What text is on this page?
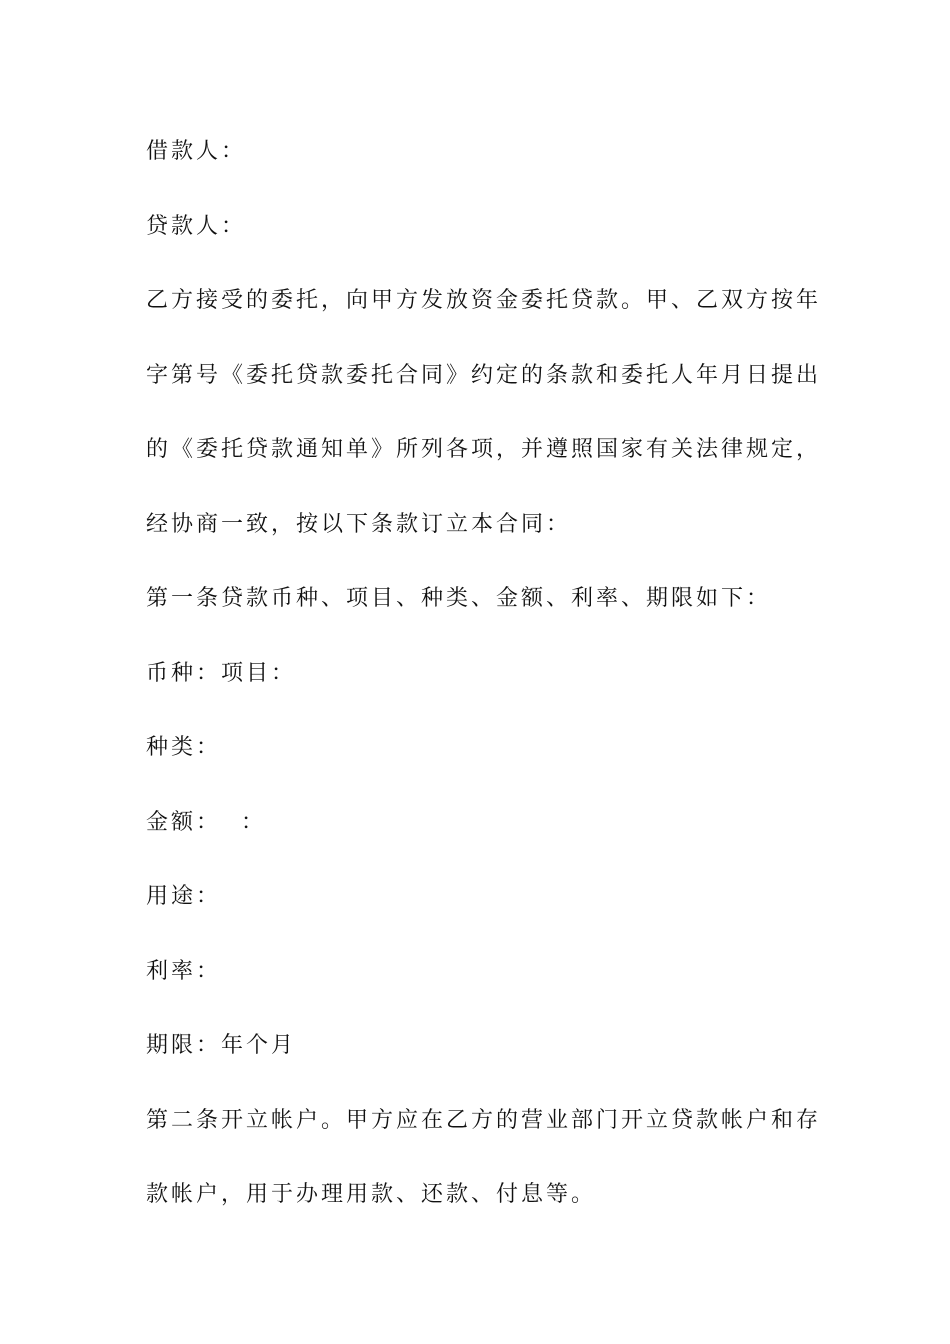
借款人：
贷款人：
乙方接受的委托，向甲方发放资金委托贷款。甲、乙双方按年
字第号《委托贷款委托合同》约定的条款和委托人年月日提出
的《委托贷款通知单》所列各项，并遵照国家有关法律规定，
经协商一致，按以下条款订立本合同：
第一条贷款币种、项目、种类、金额、利率、期限如下：
币种：项目：
种类：
金额：  ：
用途：
利率：
期限：年个月
第二条开立帐户。甲方应在乙方的营业部门开立贷款帐户和存
款帐户，用于办理用款、还款、付息等。
